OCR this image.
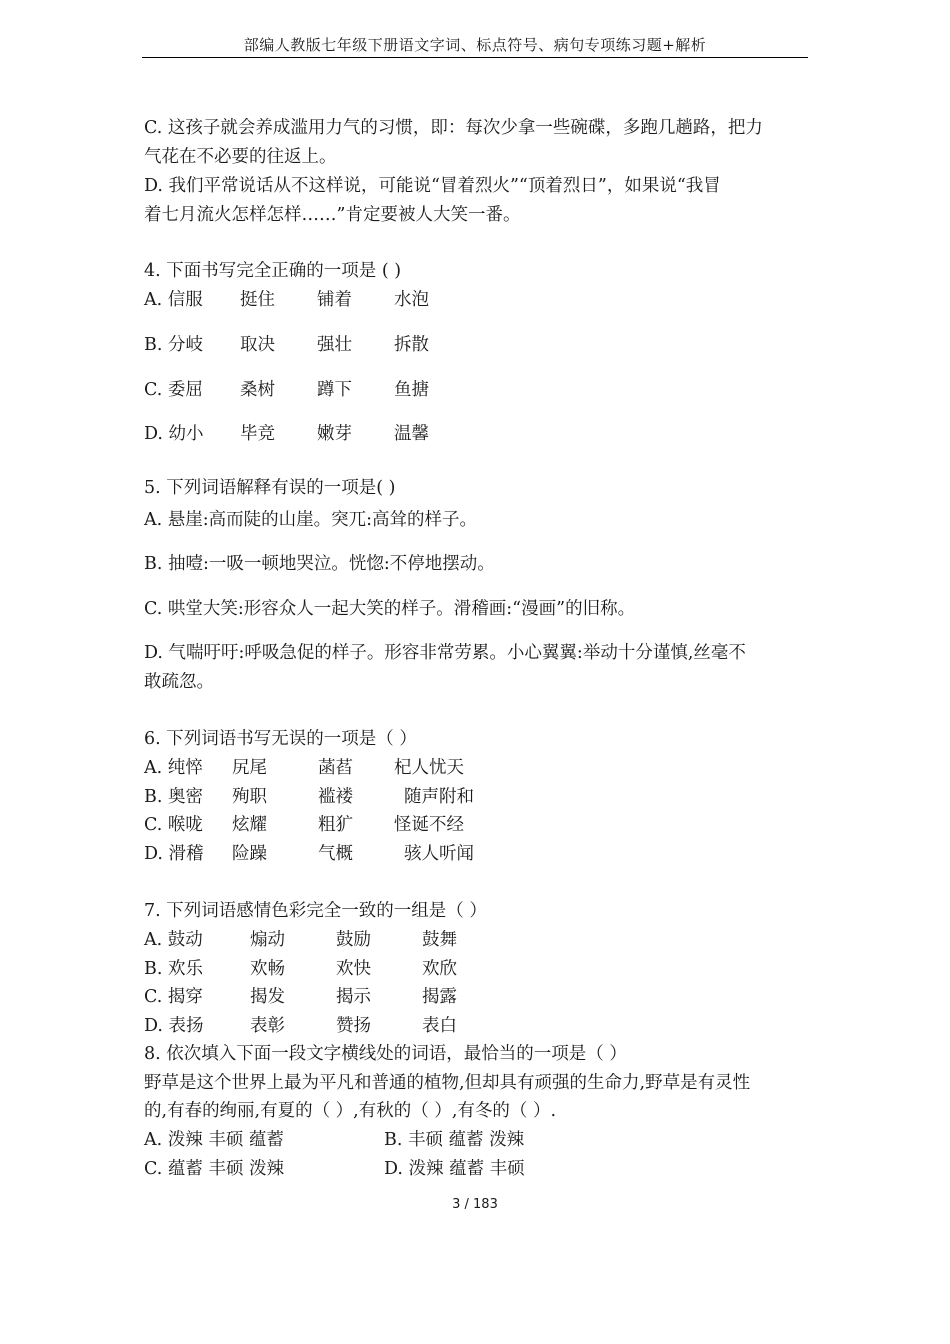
部编人教版七年级下册语文字词、标点符号、病句专项练习题+解析
C. 这孩子就会养成滥用力气的习惯，即：每次少拿一些碗碟，多跑几趟路，把力
气花在不必要的往返上。
D. 我们平常说话从不这样说，可能说“冒着烈火”“顶着烈日”，如果说“我冒
着七月流火怎样怎样……”肯定要被人大笑一番。
4. 下面书写完全正确的一项是 ( )
A. 信服 挺住 铺着 水泡
B. 分岐 取决 强壮 拆散
C. 委屈 桑树 蹲下 鱼搪
D. 幼小 毕竞 嫩芽 温馨
5. 下列词语解释有误的一项是( )
A. 悬崖:高而陡的山崖。突兀:高耸的样子。
B. 抽噎:一吸一顿地哭泣。恍惚:不停地摆动。
C. 哄堂大笑:形容众人一起大笑的样子。滑稽画:“漫画”的旧称。
D. 气喘吁吁:呼吸急促的样子。形容非常劳累。小心翼翼:举动十分谨慎,丝毫不
敢疏忽。
6. 下列词语书写无误的一项是（ ）
A. 纯悴 尻尾	菡萏 杞人忧天
B. 奥密 殉职	褴褛	随声附和
C. 喉咙 炫耀	粗犷 怪诞不经
D. 滑稽 险躁	气概	骇人听闻
7. 下列词语感情色彩完全一致的一组是（ ）
A. 鼓动	煽动	鼓励	鼓舞
B. 欢乐	欢畅	欢快	欢欣
C. 揭穿	揭发	揭示	揭露
D. 表扬	表彰	赞扬	表白
8. 依次填入下面一段文字横线处的词语，最恰当的一项是（ ）
野草是这个世界上最为平凡和普通的植物,但却具有顽强的生命力,野草是有灵性
的,有春的绚丽,有夏的（ ）,有秋的（ ）,有冬的（ ）.
A. 泼辣 丰硕 蕴蓄	B. 丰硕 蕴蓄 泼辣
C. 蕴蓄 丰硕 泼辣	D. 泼辣 蕴蓄 丰硕
3 / 183
